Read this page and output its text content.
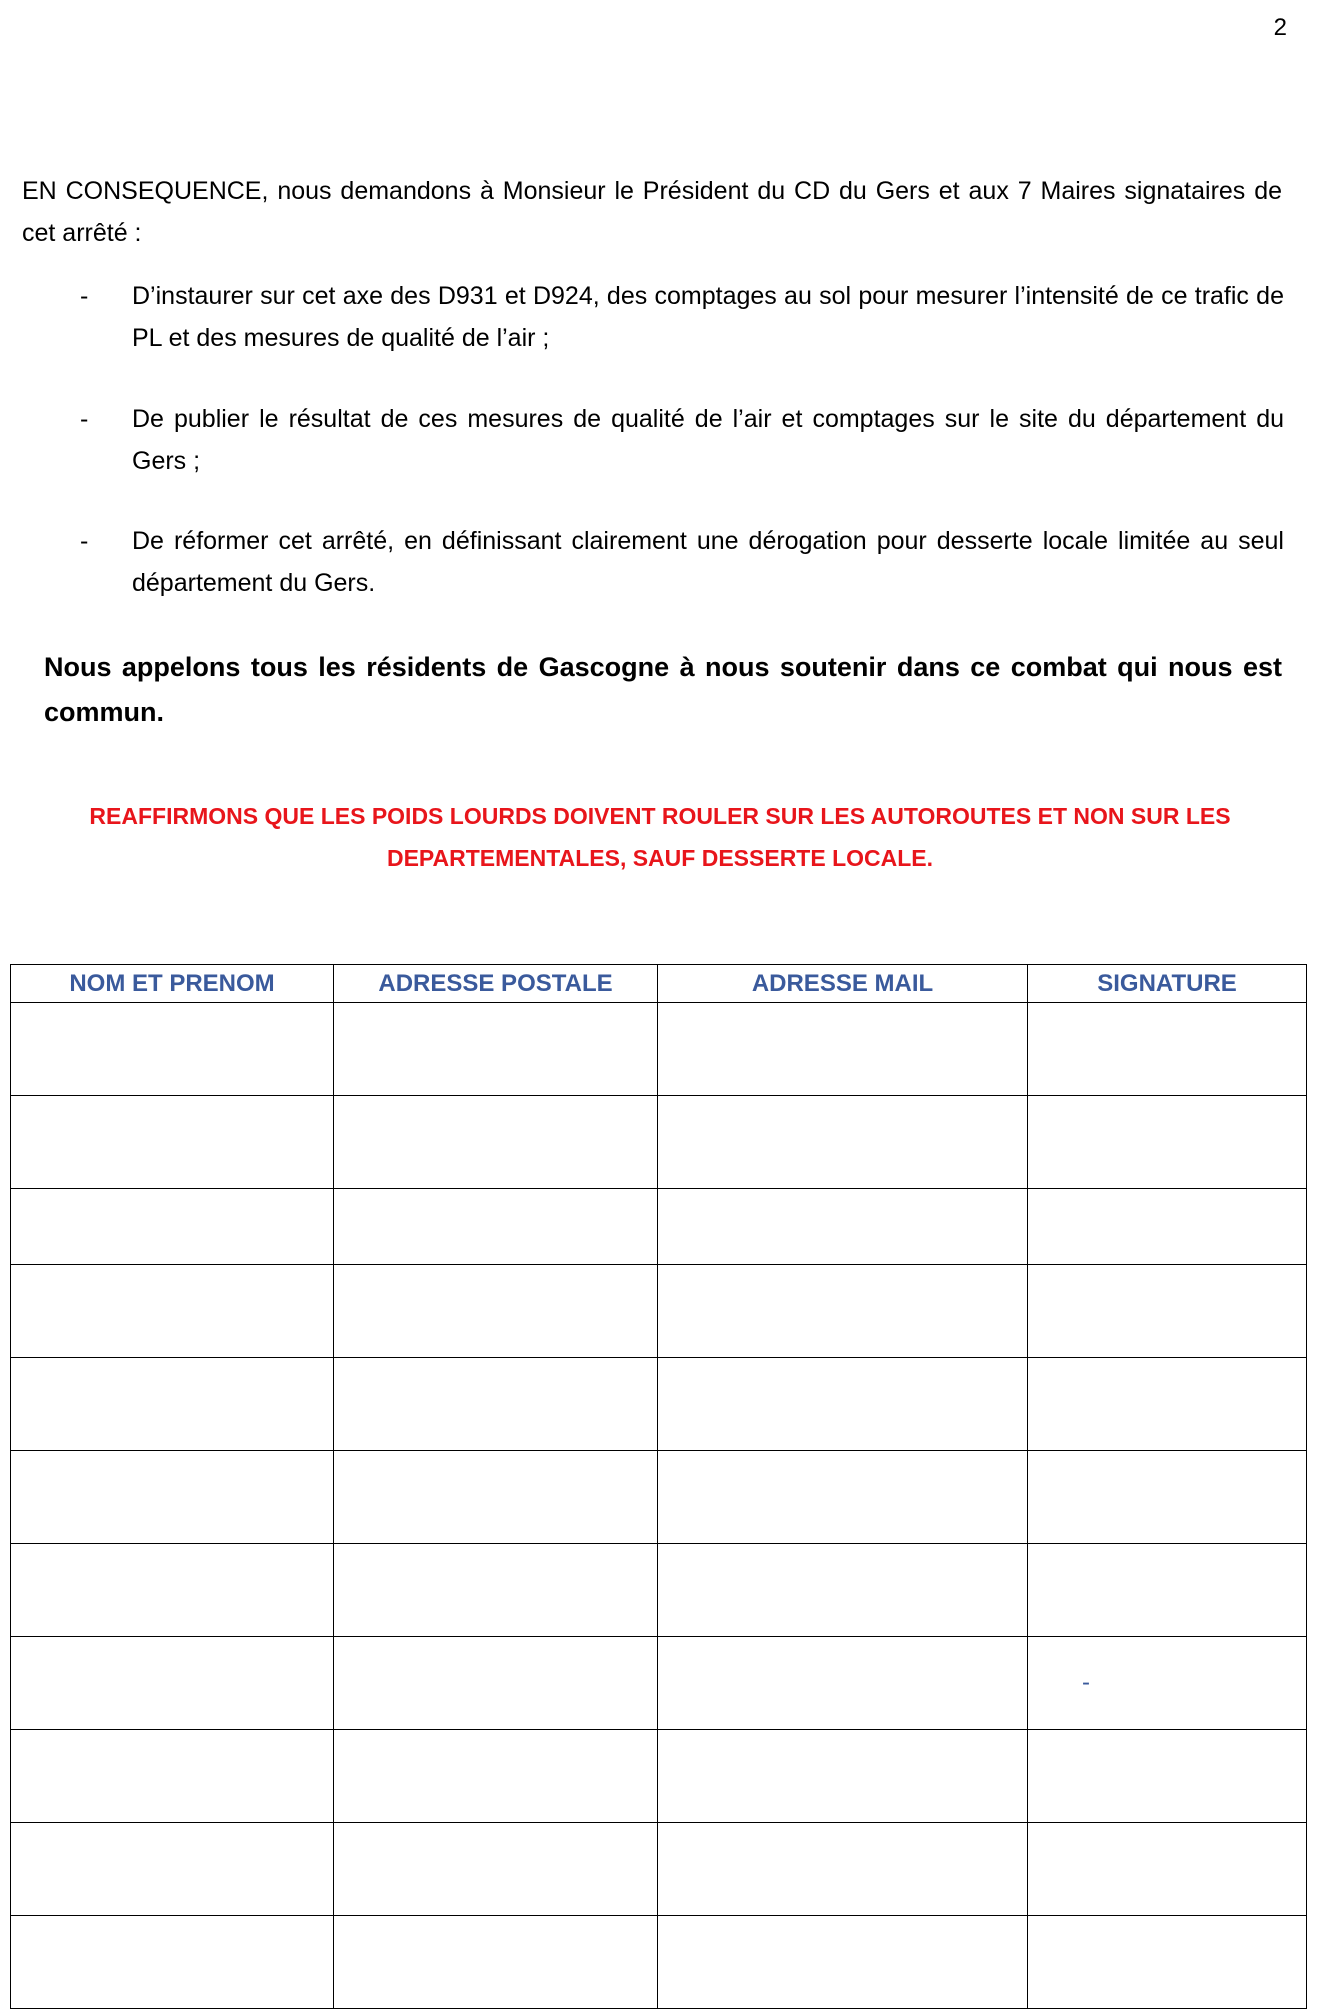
2

EN CONSEQUENCE, nous demandons à Monsieur le Président du CD du Gers et aux 7 Maires signataires de cet arrêté :

-	D’instaurer sur cet axe des D931 et D924, des comptages au sol pour mesurer l’intensité de ce trafic de PL et des mesures de qualité de l’air ;
-	De publier le résultat de ces mesures de qualité de l’air et comptages sur le site du département du Gers ;
-	De réformer cet arrêté, en définissant clairement une dérogation pour desserte locale limitée au seul département du Gers.

Nous appelons tous les résidents de Gascogne à nous soutenir dans ce combat qui nous est commun.

REAFFIRMONS QUE LES POIDS LOURDS DOIVENT ROULER SUR LES AUTOROUTES ET NON SUR LES DEPARTEMENTALES, SAUF DESSERTE LOCALE.

NOM ET PRENOM	ADRESSE POSTALE	ADRESSE MAIL	SIGNATURE

			-
